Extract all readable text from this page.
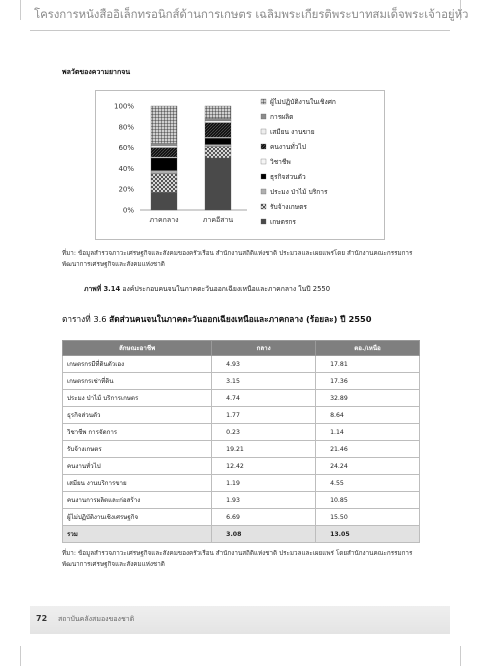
โครงการหนังสืออิเล็กทรอนิกส์ด้านการเกษตร เฉลิมพระเกียรติพระบาทสมเด็จพระเจ้าอยู่หัว
พลวัตของความยากจน
0%
20%
40%
60%
80%
100%
ภาคกลาง	ภาคอีสาน
ผู้ไม่ปฏิบัติงานในเชิงศก
การผลิต
เสมียน งานขาย
คนงานทั่วไป
วิชาชีพ
ธุรกิจส่วนตัว
ประมง ป่าไม้ บริการ
รับจ้างเกษตร
เกษตรกร
ที่มา: ข้อมูลสำรวจภาวะเศรษฐกิจและสังคมของครัวเรือน สำนักงานสถิติแห่งชาติ ประมวลและเผยแพร่โดย สำนักงานคณะกรรมการพัฒนาการเศรษฐกิจและสังคมแห่งชาติ
ภาพที่ 3.14 องค์ประกอบคนจนในภาคตะวันออกเฉียงเหนือและภาคกลาง ในปี 2550
ตารางที่ 3.6 สัดส่วนคนจนในภาคตะวันออกเฉียงเหนือและภาคกลาง (ร้อยละ) ปี 2550
ลักษณะอาชีพ	กลาง	ตอ./เหนือ
เกษตรกรมีที่ดินตัวเอง	4.93	17.81
เกษตรกรเช่าที่ดิน	3.15	17.36
ประมง ป่าไม้ บริการเกษตร	4.74	32.89
ธุรกิจส่วนตัว	1.77	8.64
วิชาชีพ การจัดการ	0.23	1.14
รับจ้างเกษตร	19.21	21.46
คนงานทั่วไป	12.42	24.24
เสมียน งานบริการขาย	1.19	4.55
คนงานการผลิตและก่อสร้าง	1.93	10.85
ผู้ไม่ปฏิบัติงานเชิงเศรษฐกิจ	6.69	15.50
รวม	3.08	13.05
ที่มา: ข้อมูลสำรวจภาวะเศรษฐกิจและสังคมของครัวเรือน สำนักงานสถิติแห่งชาติ ประมวลและเผยแพร่ โดยสำนักงานคณะกรรมการพัฒนาการเศรษฐกิจและสังคมแห่งชาติ
72 สถาบันคลังสมองของชาติ
